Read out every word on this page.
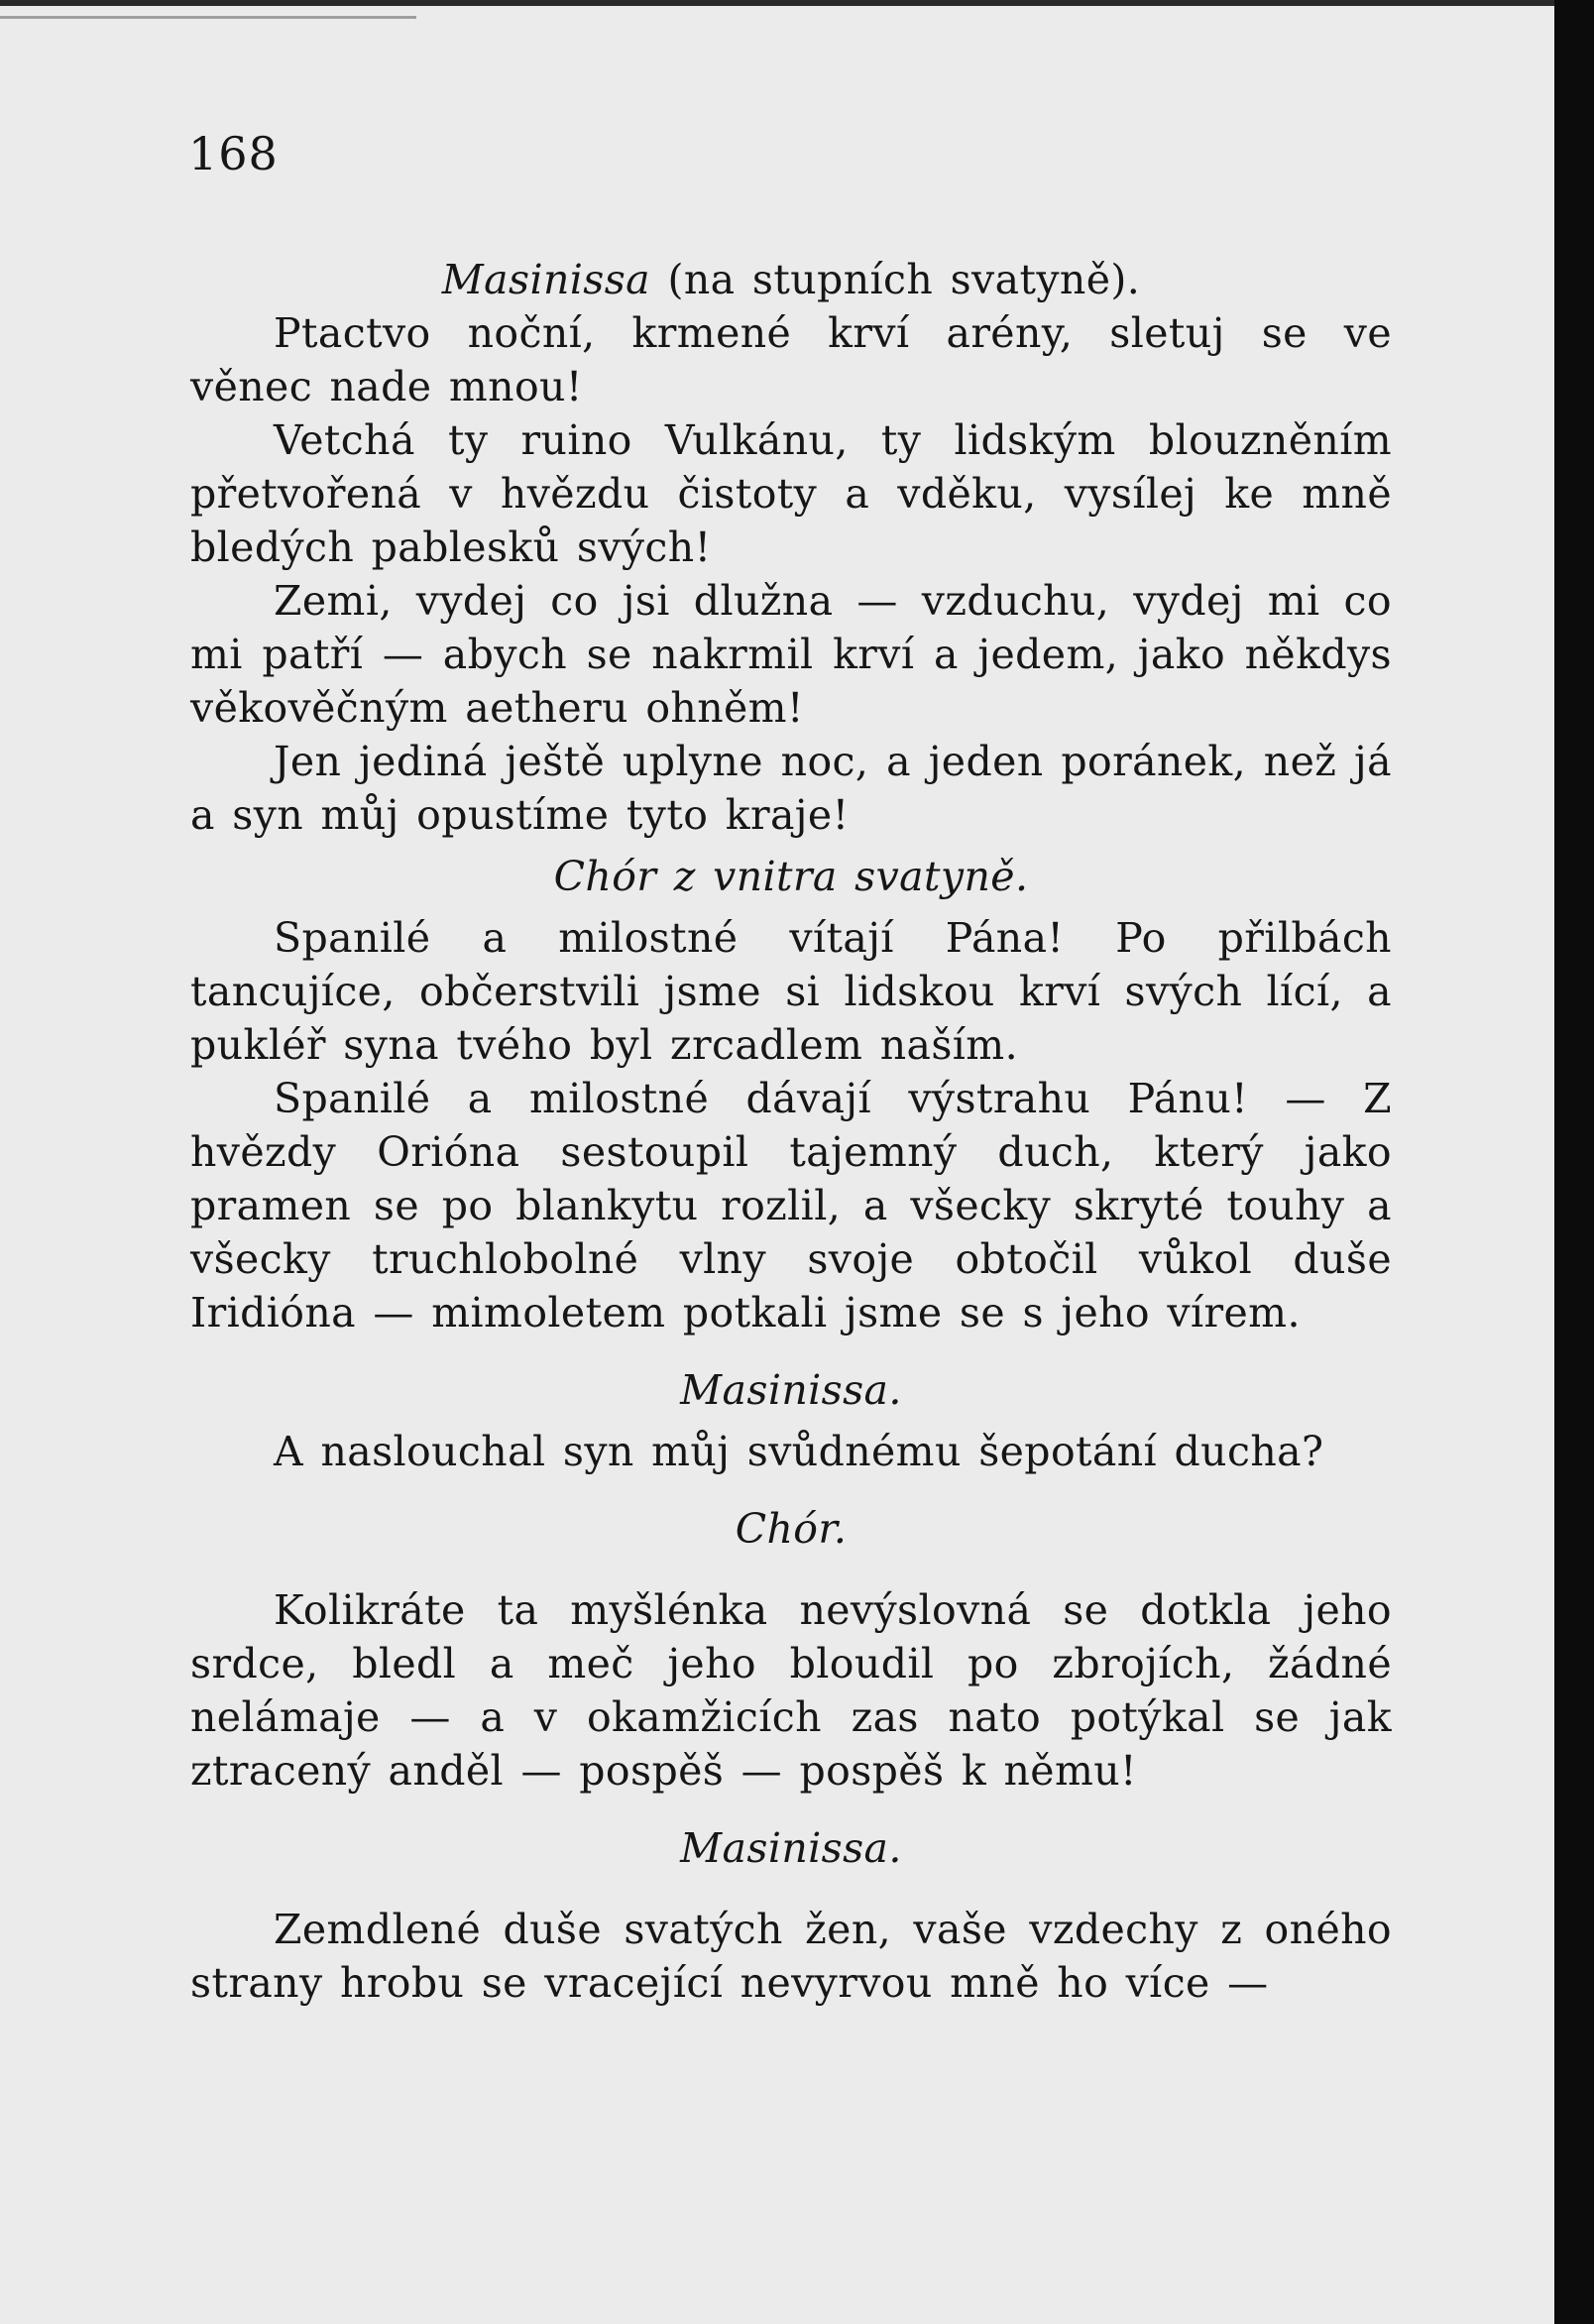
168

Masinissa (na stupních svatyně).

Ptactvo noční, krmené krví arény, sletuj se ve věnec nade mnou!

Vetchá ty ruino Vulkánu, ty lidským blouzněním přetvořená v hvězdu čistoty a vděku, vysílej ke mně bledých pablesků svých!

Zemi, vydej co jsi dlužna — vzduchu, vydej mi co mi patří — abych se nakrmil krví a jedem, jako někdys věkověčným aetheru ohněm!

Jen jediná ještě uplyne noc, a jeden poránek, než já a syn můj opustíme tyto kraje!

Chór z vnitra svatyně.

Spanilé a milostné vítají Pána! Po přilbách tancujíce, občerstvili jsme si lidskou krví svých lící, a pukléř syna tvého byl zrcadlem naším.

Spanilé a milostné dávají výstrahu Pánu! — Z hvězdy Orióna sestoupil tajemný duch, který jako pramen se po blankytu rozlil, a všecky skryté touhy a všecky truchlobolné vlny svoje obtočil vůkol duše Iridióna — mimoletem potkali jsme se s jeho vírem.

Masinissa.

A naslouchal syn můj svůdnému šepotání ducha?

Chór.

Kolikráte ta myšlénka nevýslovná se dotkla jeho srdce, bledl a meč jeho bloudil po zbrojích, žádné nelámaje — a v okamžicích zas nato potýkal se jak ztracený anděl — pospěš — pospěš k němu!

Masinissa.

Zemdlené duše svatých žen, vaše vzdechy z oného strany hrobu se vracející nevyrvou mně ho více —
